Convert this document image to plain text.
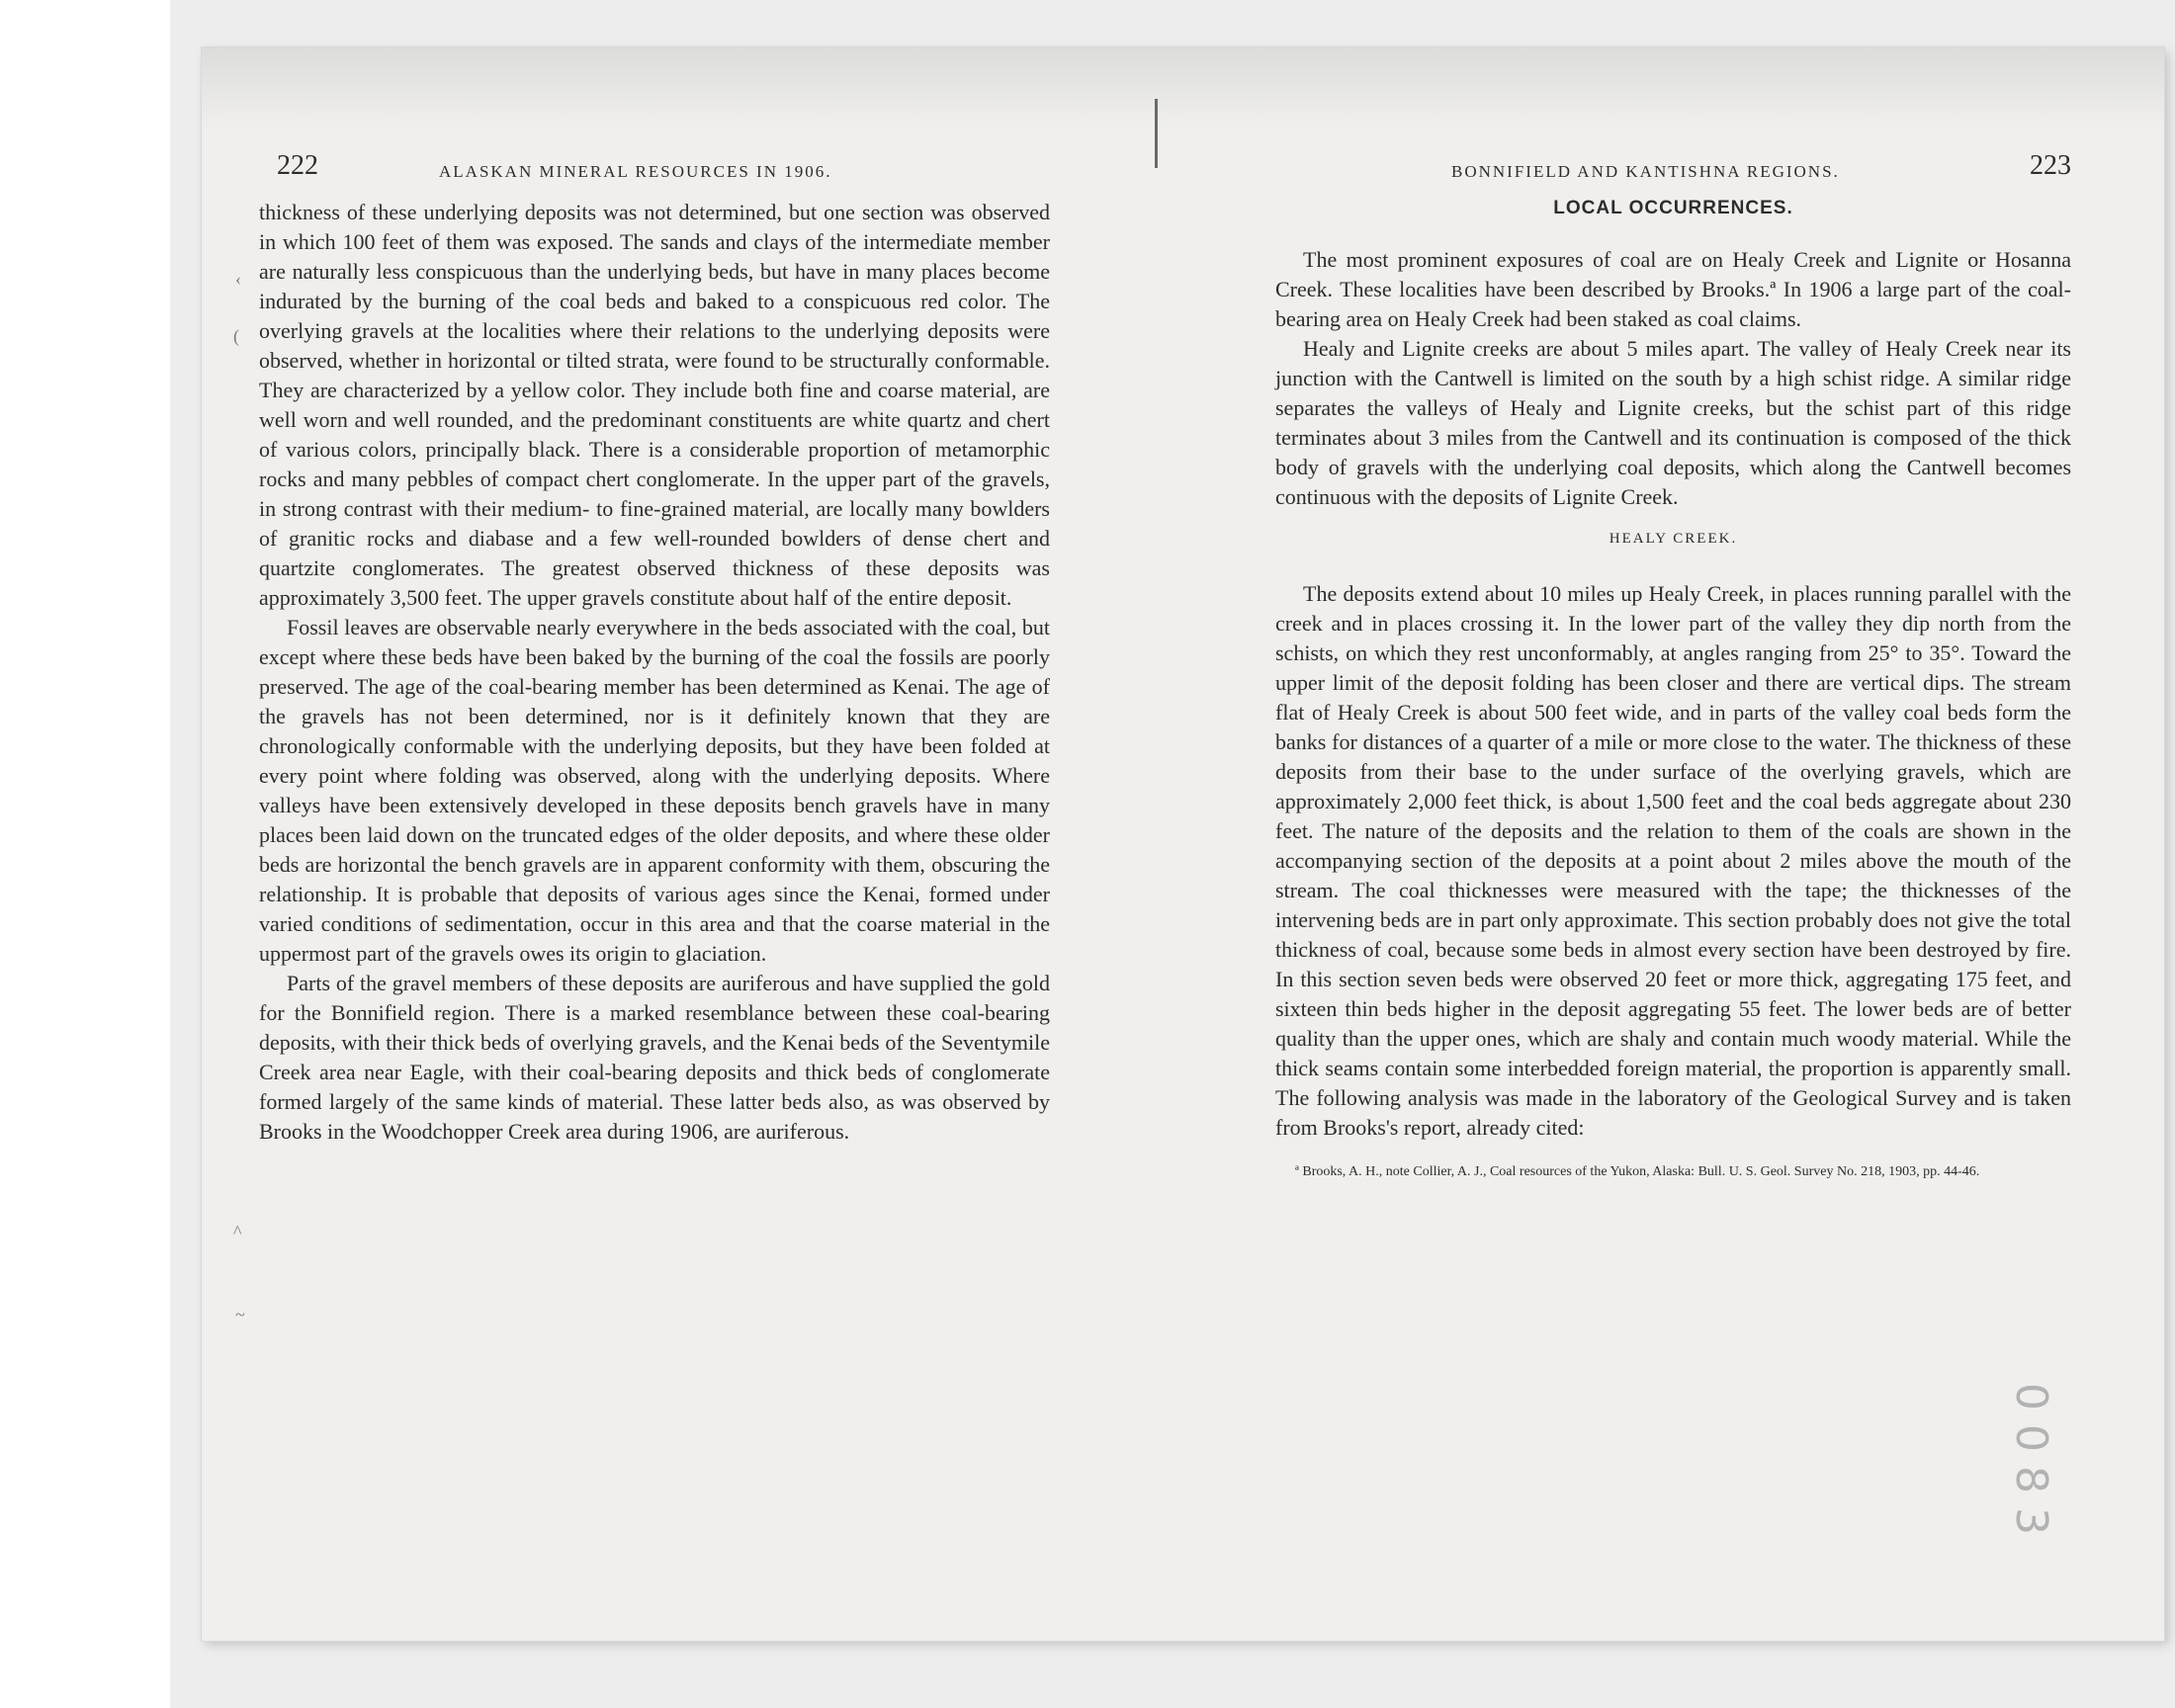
‹
(
^
~
222	ALASKAN MINERAL RESOURCES IN 1906.

thickness of these underlying deposits was not determined, but one section was observed in which 100 feet of them was exposed. The sands and clays of the intermediate member are naturally less conspicuous than the underlying beds, but have in many places become indurated by the burning of the coal beds and baked to a conspicuous red color. The overlying gravels at the localities where their relations to the underlying deposits were observed, whether in horizontal or tilted strata, were found to be structurally conformable. They are characterized by a yellow color. They include both fine and coarse material, are well worn and well rounded, and the predominant constituents are white quartz and chert of various colors, principally black. There is a considerable proportion of metamorphic rocks and many pebbles of compact chert conglomerate. In the upper part of the gravels, in strong contrast with their medium- to fine-grained material, are locally many bowlders of granitic rocks and diabase and a few well-rounded bowlders of dense chert and quartzite conglomerates. The greatest observed thickness of these deposits was approximately 3,500 feet. The upper gravels constitute about half of the entire deposit.

Fossil leaves are observable nearly everywhere in the beds associated with the coal, but except where these beds have been baked by the burning of the coal the fossils are poorly preserved. The age of the coal-bearing member has been determined as Kenai. The age of the gravels has not been determined, nor is it definitely known that they are chronologically conformable with the underlying deposits, but they have been folded at every point where folding was observed, along with the underlying deposits. Where valleys have been extensively developed in these deposits bench gravels have in many places been laid down on the truncated edges of the older deposits, and where these older beds are horizontal the bench gravels are in apparent conformity with them, obscuring the relationship. It is probable that deposits of various ages since the Kenai, formed under varied conditions of sedimentation, occur in this area and that the coarse material in the uppermost part of the gravels owes its origin to glaciation.

Parts of the gravel members of these deposits are auriferous and have supplied the gold for the Bonnifield region. There is a marked resemblance between these coal-bearing deposits, with their thick beds of overlying gravels, and the Kenai beds of the Seventymile Creek area near Eagle, with their coal-bearing deposits and thick beds of conglomerate formed largely of the same kinds of material. These latter beds also, as was observed by Brooks in the Woodchopper Creek area during 1906, are auriferous.

BONNIFIELD AND KANTISHNA REGIONS.	223
LOCAL OCCURRENCES.

The most prominent exposures of coal are on Healy Creek and Lignite or Hosanna Creek. These localities have been described by Brooks.ª In 1906 a large part of the coal-bearing area on Healy Creek had been staked as coal claims.

Healy and Lignite creeks are about 5 miles apart. The valley of Healy Creek near its junction with the Cantwell is limited on the south by a high schist ridge. A similar ridge separates the valleys of Healy and Lignite creeks, but the schist part of this ridge terminates about 3 miles from the Cantwell and its continuation is composed of the thick body of gravels with the underlying coal deposits, which along the Cantwell becomes continuous with the deposits of Lignite Creek.

HEALY CREEK.

The deposits extend about 10 miles up Healy Creek, in places running parallel with the creek and in places crossing it. In the lower part of the valley they dip north from the schists, on which they rest unconformably, at angles ranging from 25° to 35°. Toward the upper limit of the deposit folding has been closer and there are vertical dips. The stream flat of Healy Creek is about 500 feet wide, and in parts of the valley coal beds form the banks for distances of a quarter of a mile or more close to the water. The thickness of these deposits from their base to the under surface of the overlying gravels, which are approximately 2,000 feet thick, is about 1,500 feet and the coal beds aggregate about 230 feet. The nature of the deposits and the relation to them of the coals are shown in the accompanying section of the deposits at a point about 2 miles above the mouth of the stream. The coal thicknesses were measured with the tape; the thicknesses of the intervening beds are in part only approximate. This section probably does not give the total thickness of coal, because some beds in almost every section have been destroyed by fire. In this section seven beds were observed 20 feet or more thick, aggregating 175 feet, and sixteen thin beds higher in the deposit aggregating 55 feet. The lower beds are of better quality than the upper ones, which are shaly and contain much woody material. While the thick seams contain some interbedded foreign material, the proportion is apparently small. The following analysis was made in the laboratory of the Geological Survey and is taken from Brooks's report, already cited:

ª Brooks, A. H., note Collier, A. J., Coal resources of the Yukon, Alaska: Bull. U. S. Geol. Survey No. 218, 1903, pp. 44-46.
0
0
8
3
